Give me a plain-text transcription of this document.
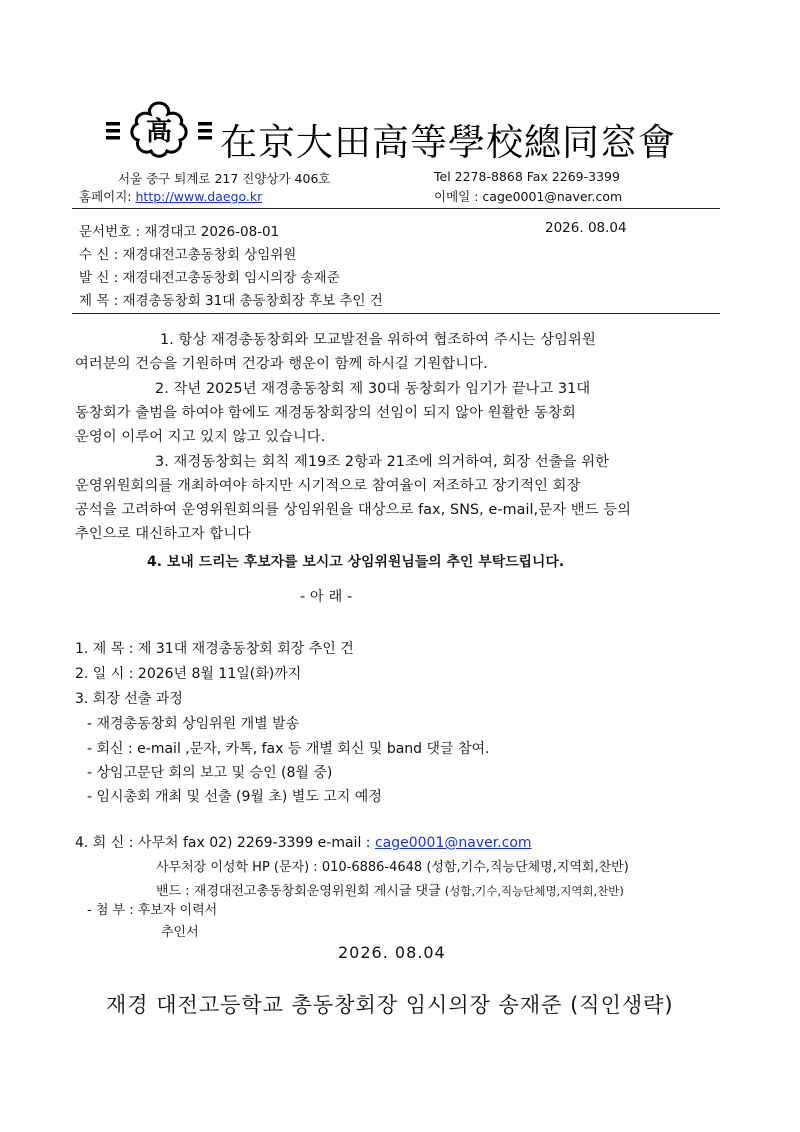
高 在京大田高等學校總同窓會
서울 중구 퇴계로 217 진양상가 406호	Tel 2278-8868 Fax 2269-3399
홈페이지: http://www.daego.kr	이메일 : cage0001@naver.com
문서번호 : 재경대고 2026-08-01	2026. 08.04
수 신 : 재경대전고총동창회 상임위원
발 신 : 재경대전고총동창회 임시의장 송재준
제 목 : 재경총동창회 31대 총동창회장 후보 추인 건
1. 항상 재경총동창회와 모교발전을 위하여 협조하여 주시는 상임위원
여러분의 건승을 기원하며 건강과 행운이 함께 하시길 기원합니다.
2. 작년 2025년 재경총동창회 제 30대 동창회가 임기가 끝나고 31대
동창회가 출범을 하여야 함에도 재경동창회장의 선임이 되지 않아 원활한 동창회
운영이 이루어 지고 있지 않고 있습니다.
3. 재경동창회는 회칙 제19조 2항과 21조에 의거하여, 회장 선출을 위한
운영위원회의를 개최하여야 하지만 시기적으로 참여율이 저조하고 장기적인 회장
공석을 고려하여 운영위원회의를 상임위원을 대상으로 fax, SNS, e-mail,문자 밴드 등의
추인으로 대신하고자 합니다
4. 보내 드리는 후보자를 보시고 상임위원님들의 추인 부탁드립니다.
- 아 래 -
1. 제 목 : 제 31대 재경총동창회 회장 추인 건
2. 일 시 : 2026년 8월 11일(화)까지
3. 회장 선출 과정
- 재경총동창회 상임위원 개별 발송
- 회신 : e-mail ,문자, 카톡, fax 등 개별 회신 및 band 댓글 참여.
- 상임고문단 회의 보고 및 승인 (8월 중)
- 임시총회 개최 및 선출 (9월 초) 별도 고지 예정
4. 회 신 : 사무처 fax 02) 2269-3399 e-mail : cage0001@naver.com
사무처장 이성학 HP (문자) : 010-6886-4648 (성함,기수,직능단체명,지역회,찬반)
밴드 : 재경대전고총동창회운영위원회 게시글 댓글 (성함,기수,직능단체명,지역회,찬반)
- 첨 부 : 후보자 이력서
추인서
2026. 08.04
재경 대전고등학교 총동창회장 임시의장 송재준 (직인생략)
